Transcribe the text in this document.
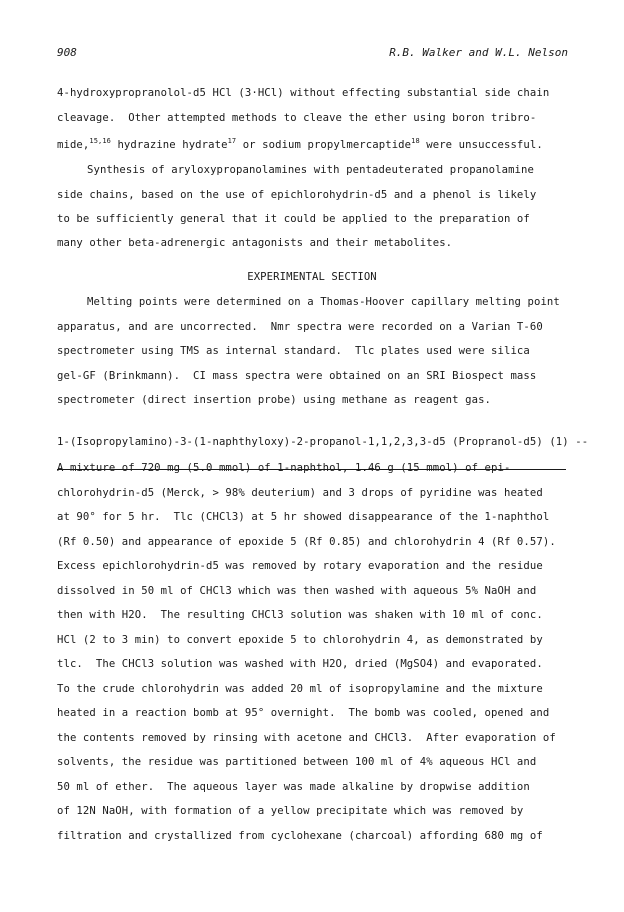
908	R.B. Walker and W.L. Nelson
4-hydroxypropranolol-d5 HCl (3·HCl) without effecting substantial side chain
cleavage.  Other attempted methods to cleave the ether using boron tribro-
mide,$^{15,16}$ hydrazine hydrate$^{17}$ or sodium propylmercaptide$^{18}$ were unsuccessful.
Synthesis of aryloxypropanolamines with pentadeuterated propanolamine
side chains, based on the use of epichlorohydrin-d5 and a phenol is likely
to be sufficiently general that it could be applied to the preparation of
many other beta-adrenergic antagonists and their metabolites.
EXPERIMENTAL SECTION
Melting points were determined on a Thomas-Hoover capillary melting point
apparatus, and are uncorrected.  Nmr spectra were recorded on a Varian T-60
spectrometer using TMS as internal standard.  Tlc plates used were silica
gel-GF (Brinkmann).  CI mass spectra were obtained on an SRI Biospect mass
spectrometer (direct insertion probe) using methane as reagent gas.
1-(Isopropylamino)-3-(1-naphthyloxy)-2-propanol-1,1,2,3,3-d5 (Propranol-d5) (1) --
A mixture of 720 mg (5.0 mmol) of 1-naphthol, 1.46 g (15 mmol) of epi-
chlorohydrin-d5 (Merck, > 98% deuterium) and 3 drops of pyridine was heated
at 90° for 5 hr.  Tlc (CHCl3) at 5 hr showed disappearance of the 1-naphthol
(Rf 0.50) and appearance of epoxide 5 (Rf 0.85) and chlorohydrin 4 (Rf 0.57).
Excess epichlorohydrin-d5 was removed by rotary evaporation and the residue
dissolved in 50 ml of CHCl3 which was then washed with aqueous 5% NaOH and
then with H2O.  The resulting CHCl3 solution was shaken with 10 ml of conc.
HCl (2 to 3 min) to convert epoxide 5 to chlorohydrin 4, as demonstrated by
tlc.  The CHCl3 solution was washed with H2O, dried (MgSO4) and evaporated.
To the crude chlorohydrin was added 20 ml of isopropylamine and the mixture
heated in a reaction bomb at 95° overnight.  The bomb was cooled, opened and
the contents removed by rinsing with acetone and CHCl3.  After evaporation of
solvents, the residue was partitioned between 100 ml of 4% aqueous HCl and
50 ml of ether.  The aqueous layer was made alkaline by dropwise addition
of 12N NaOH, with formation of a yellow precipitate which was removed by
filtration and crystallized from cyclohexane (charcoal) affording 680 mg of
